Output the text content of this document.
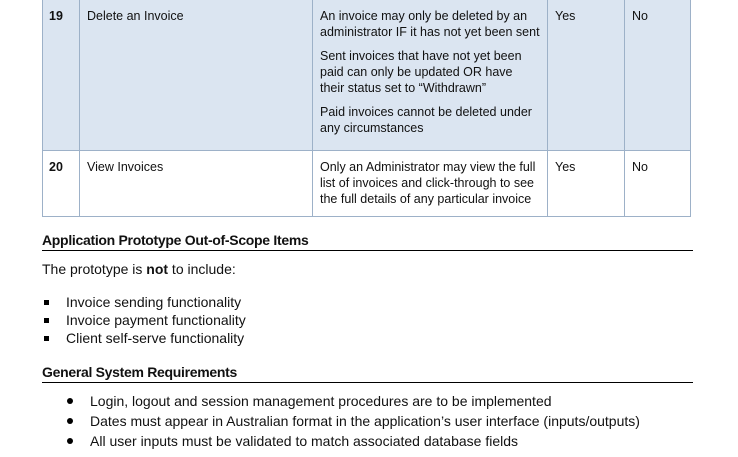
19	Delete an Invoice	An invoice may only be deleted by an administrator IF it has not yet been sent

Sent invoices that have not yet been paid can only be updated OR have their status set to “Withdrawn”

Paid invoices cannot be deleted under any circumstances	Yes	No
20	View Invoices	Only an Administrator may view the full list of invoices and click-through to see the full details of any particular invoice	Yes	No
Application Prototype Out-of-Scope Items
The prototype is not to include:
Invoice sending functionality
Invoice payment functionality
Client self-serve functionality
General System Requirements
Login, logout and session management procedures are to be implemented
Dates must appear in Australian format in the application’s user interface (inputs/outputs)
All user inputs must be validated to match associated database fields
